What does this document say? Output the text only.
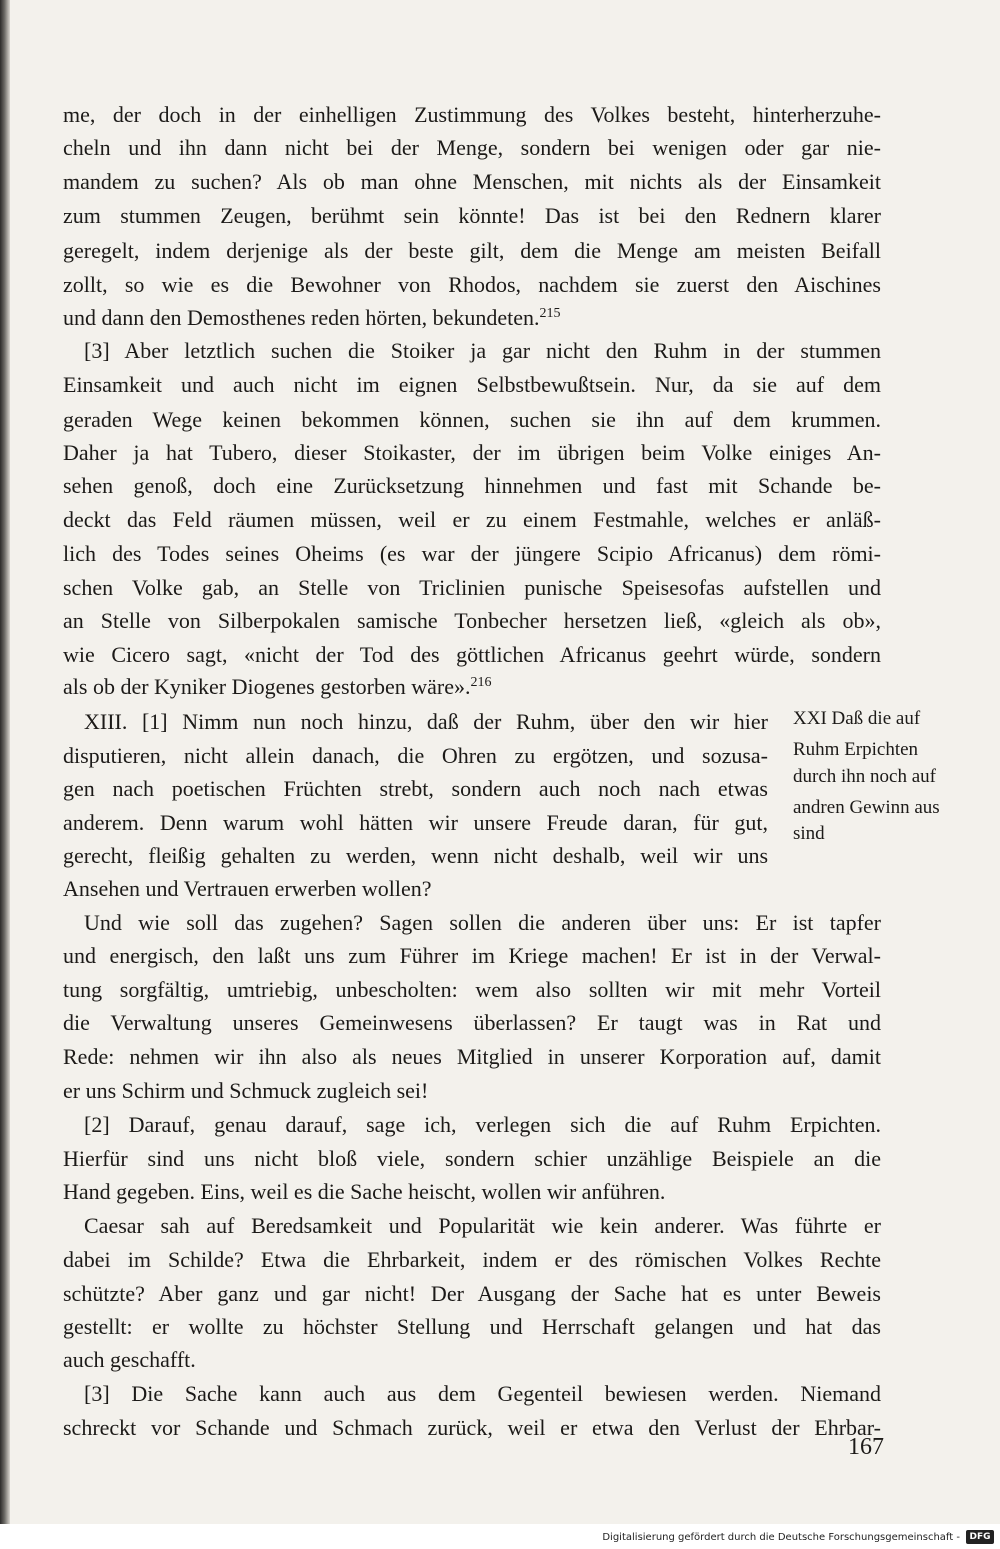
me, der doch in der einhelligen Zustimmung des Volkes besteht, hinterherzuhe-
cheln und ihn dann nicht bei der Menge, sondern bei wenigen oder gar nie-
mandem zu suchen? Als ob man ohne Menschen, mit nichts als der Einsamkeit
zum stummen Zeugen, berühmt sein könnte! Das ist bei den Rednern klarer
geregelt, indem derjenige als der beste gilt, dem die Menge am meisten Beifall
zollt, so wie es die Bewohner von Rhodos, nachdem sie zuerst den Aischines
und dann den Demosthenes reden hörten, bekundeten.$^{215}$
[3] Aber letztlich suchen die Stoiker ja gar nicht den Ruhm in der stummen
Einsamkeit und auch nicht im eignen Selbstbewußtsein. Nur, da sie auf dem
geraden Wege keinen bekommen können, suchen sie ihn auf dem krummen.
Daher ja hat Tubero, dieser Stoikaster, der im übrigen beim Volke einiges An-
sehen genoß, doch eine Zurücksetzung hinnehmen und fast mit Schande be-
deckt das Feld räumen müssen, weil er zu einem Festmahle, welches er anläß-
lich des Todes seines Oheims (es war der jüngere Scipio Africanus) dem römi-
schen Volke gab, an Stelle von Triclinien punische Speisesofas aufstellen und
an Stelle von Silberpokalen samische Tonbecher hersetzen ließ, «gleich als ob»,
wie Cicero sagt, «nicht der Tod des göttlichen Africanus geehrt würde, sondern
als ob der Kyniker Diogenes gestorben wäre».$^{216}$
XIII. [1] Nimm nun noch hinzu, daß der Ruhm, über den wir hier
disputieren, nicht allein danach, die Ohren zu ergötzen, und sozusa-
gen nach poetischen Früchten strebt, sondern auch noch nach etwas
anderem. Denn warum wohl hätten wir unsere Freude daran, für gut,
gerecht, fleißig gehalten zu werden, wenn nicht deshalb, weil wir uns
Ansehen und Vertrauen erwerben wollen?
Und wie soll das zugehen? Sagen sollen die anderen über uns: Er ist tapfer
und energisch, den laßt uns zum Führer im Kriege machen! Er ist in der Verwal-
tung sorgfältig, umtriebig, unbescholten: wem also sollten wir mit mehr Vorteil
die Verwaltung unseres Gemeinwesens überlassen? Er taugt was in Rat und
Rede: nehmen wir ihn also als neues Mitglied in unserer Korporation auf, damit
er uns Schirm und Schmuck zugleich sei!
[2] Darauf, genau darauf, sage ich, verlegen sich die auf Ruhm Erpichten.
Hierfür sind uns nicht bloß viele, sondern schier unzählige Beispiele an die
Hand gegeben. Eins, weil es die Sache heischt, wollen wir anführen.
Caesar sah auf Beredsamkeit und Popularität wie kein anderer. Was führte er
dabei im Schilde? Etwa die Ehrbarkeit, indem er des römischen Volkes Rechte
schützte? Aber ganz und gar nicht! Der Ausgang der Sache hat es unter Beweis
gestellt: er wollte zu höchster Stellung und Herrschaft gelangen und hat das
auch geschafft.
[3] Die Sache kann auch aus dem Gegenteil bewiesen werden. Niemand
schreckt vor Schande und Schmach zurück, weil er etwa den Verlust der Ehrbar-
XXI Daß die auf
Ruhm Erpichten
durch ihn noch auf
andren Gewinn aus
sind
167
Digitalisierung gefördert durch die Deutsche Forschungsgemeinschaft -	DFG
